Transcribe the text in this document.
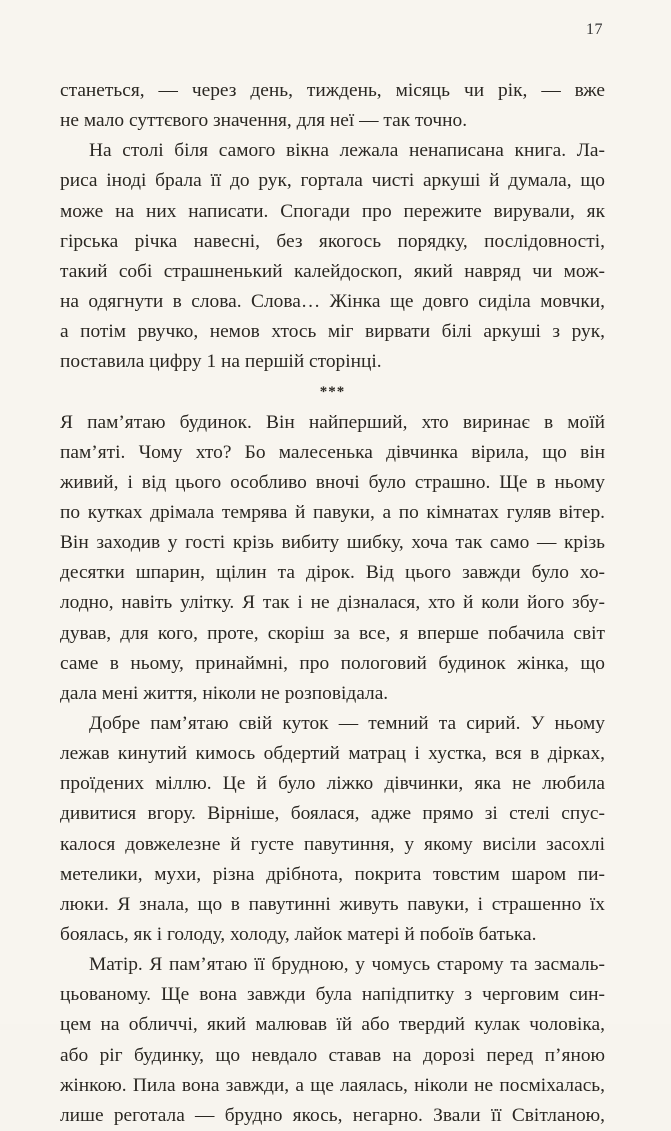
17
станеться, — через день, тиждень, місяць чи рік, — вже
не мало суттєвого значення, для неї — так точно.
На столі біля самого вікна лежала ненаписана книга. Ла-
риса іноді брала її до рук, гортала чисті аркуші й думала, що
може на них написати. Спогади про пережите вирували, як
гірська річка навесні, без якогось порядку, послідовності,
такий собі страшненький калейдоскоп, який навряд чи мож-
на одягнути в слова. Слова… Жінка ще довго сиділа мовчки,
а потім рвучко, немов хтось міг вирвати білі аркуші з рук,
поставила цифру 1 на першій сторінці.
***
Я пам’ятаю будинок. Він найперший, хто виринає в моїй
пам’яті. Чому хто? Бо малесенька дівчинка вірила, що він
живий, і від цього особливо вночі було страшно. Ще в ньому
по кутках дрімала темрява й павуки, а по кімнатах гуляв вітер.
Він заходив у гості крізь вибиту шибку, хоча так само — крізь
десятки шпарин, щілин та дірок. Від цього завжди було хо-
лодно, навіть улітку. Я так і не дізналася, хто й коли його збу-
дував, для кого, проте, скоріш за все, я вперше побачила світ
саме в ньому, принаймні, про пологовий будинок жінка, що
дала мені життя, ніколи не розповідала.
Добре пам’ятаю свій куток — темний та сирий. У ньому
лежав кинутий кимось обдертий матрац і хустка, вся в дірках,
проїдених міллю. Це й було ліжко дівчинки, яка не любила
дивитися вгору. Вірніше, боялася, адже прямо зі стелі спус-
калося довжелезне й густе павутиння, у якому висіли засохлі
метелики, мухи, різна дрібнота, покрита товстим шаром пи-
люки. Я знала, що в павутинні живуть павуки, і страшенно їх
боялась, як і голоду, холоду, лайок матері й побоїв батька.
Матір. Я пам’ятаю її брудною, у чомусь старому та засмаль-
цьованому. Ще вона завжди була напідпитку з черговим син-
цем на обличчі, який малював їй або твердий кулак чоловіка,
або ріг будинку, що невдало ставав на дорозі перед п’яною
жінкою. Пила вона завжди, а ще лаялась, ніколи не посміхалась,
лише реготала — брудно якось, негарно. Звали її Світланою,
